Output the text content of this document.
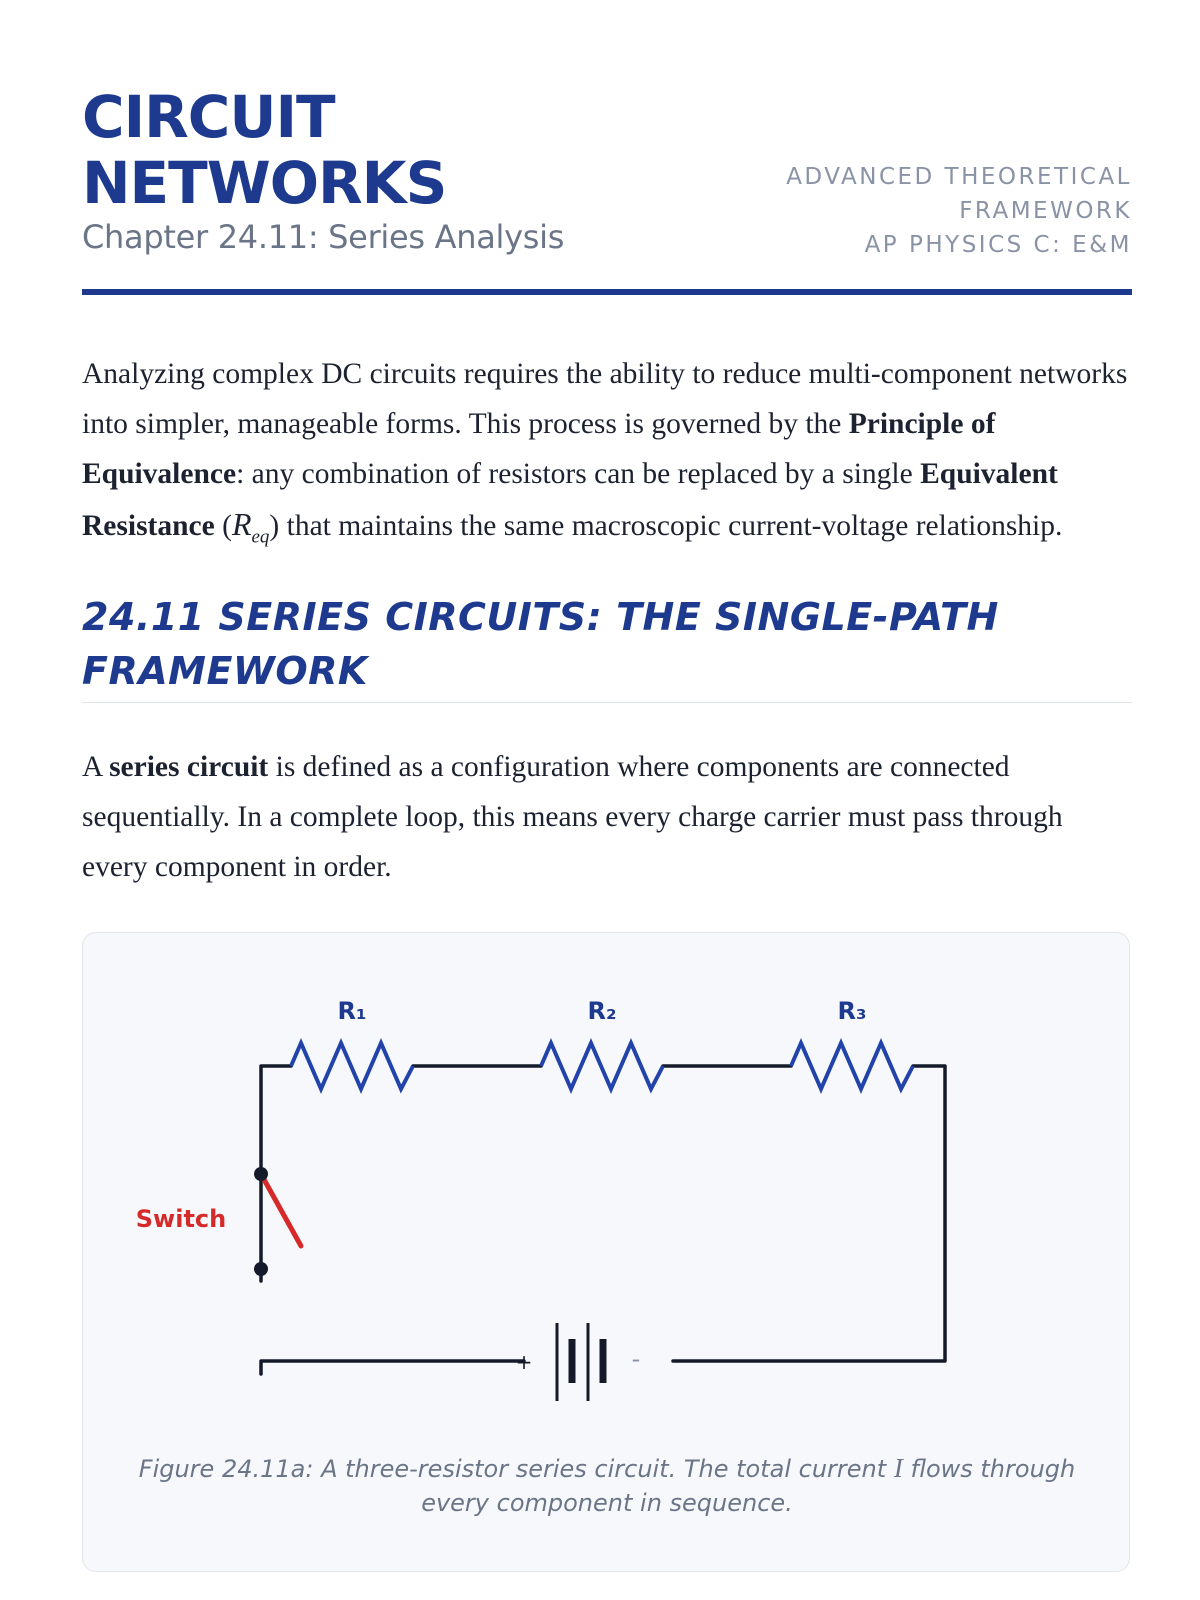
CIRCUIT
NETWORKS
Chapter 24.11: Series Analysis
ADVANCED THEORETICAL
FRAMEWORK
AP PHYSICS C: E&M

Analyzing complex DC circuits requires the ability to reduce multi-component networks into simpler, manageable forms. This process is governed by the Principle of Equivalence: any combination of resistors can be replaced by a single Equivalent Resistance $(R_{eq})$ that maintains the same macroscopic current-voltage relationship.

24.11 SERIES CIRCUITS: THE SINGLE-PATH FRAMEWORK

A series circuit is defined as a configuration where components are connected sequentially. In a complete loop, this means every charge carrier must pass through every component in order.

R₁	R₂	R₃
Switch
+	-

Figure 24.11a: A three-resistor series circuit. The total current I flows through every component in sequence.
